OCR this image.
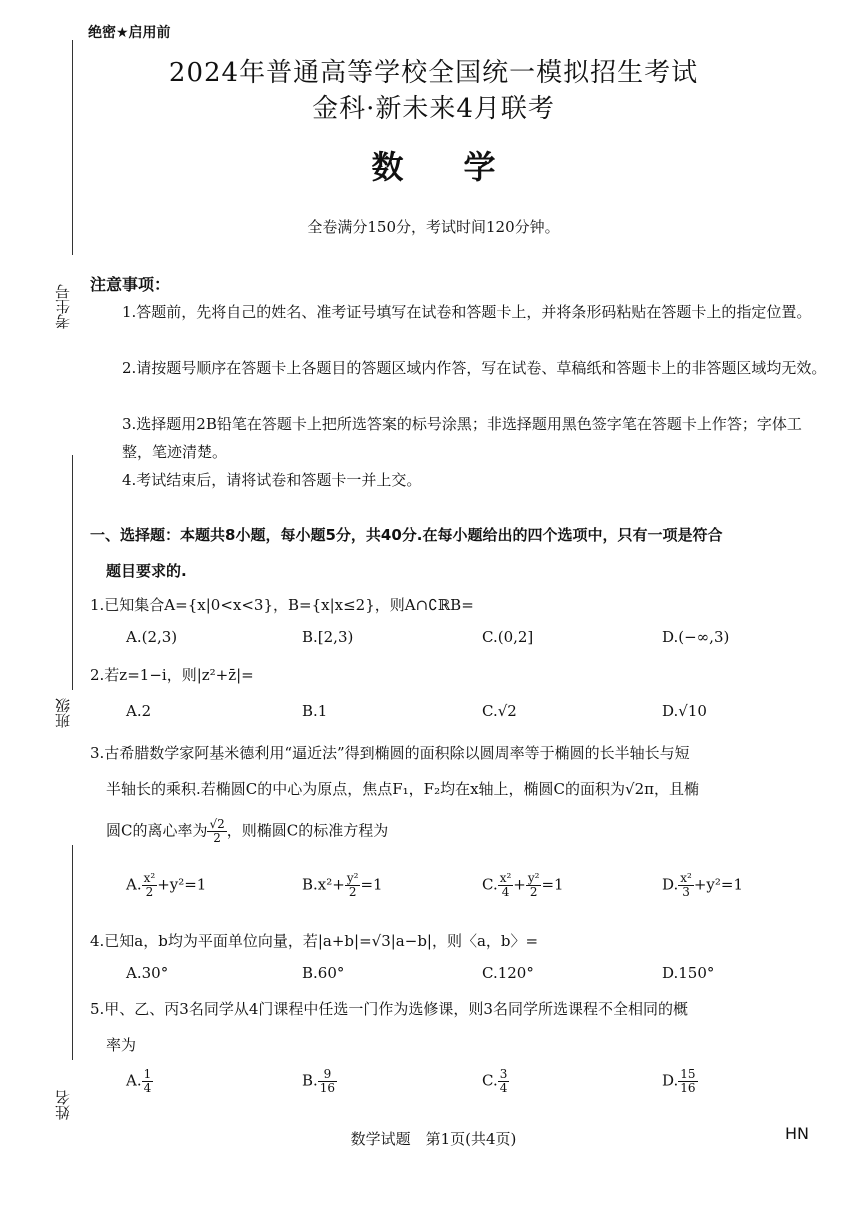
考生号
班级
姓名
绝密★启用前
2024年普通高等学校全国统一模拟招生考试
金科·新未来4月联考
数 学
全卷满分150分，考试时间120分钟。
注意事项：
1.答题前，先将自己的姓名、准考证号填写在试卷和答题卡上，并将条形码粘贴在答题卡上的指定位置。
2.请按题号顺序在答题卡上各题目的答题区域内作答，写在试卷、草稿纸和答题卡上的非答题区域均无效。
3.选择题用2B铅笔在答题卡上把所选答案的标号涂黑；非选择题用黑色签字笔在答题卡上作答；字体工整，笔迹清楚。
4.考试结束后，请将试卷和答题卡一并上交。
一、选择题：本题共8小题，每小题5分，共40分.在每小题给出的四个选项中，只有一项是符合
题目要求的.
1.已知集合A={x|0<x<3}，B={x|x≤2}，则A∩∁ℝB=
A.(2,3)	B.[2,3)	C.(0,2]	D.(−∞,3)
2.若z=1−i，则|z²+z̄|=
A.2	B.1	C.√2	D.√10
3.古希腊数学家阿基米德利用“逼近法”得到椭圆的面积除以圆周率等于椭圆的长半轴长与短
半轴长的乘积.若椭圆C的中心为原点，焦点F₁，F₂均在x轴上，椭圆C的面积为√2π，且椭
圆C的离心率为 $\frac{√2}{2}$ ，则椭圆C的标准方程为
A. $\frac{\text{x²}}{2} +y^2=1$	$B.x^2+ \frac{\text{y²}}{2} =1$	C. $\frac{\text{x²}}{4} + \frac{\text{y²}}{2} =1$	D. $\frac{\text{x²}}{3} +y^2=1$
4.已知a，b均为平面单位向量，若|a+b|=√3|a−b|，则〈a，b〉=
A.30°	B.60°	C.120°	D.150°
5.甲、乙、丙3名同学从4门课程中任选一门作为选修课，则3名同学所选课程不全相同的概
率为
A. $\frac{1}{4}$	B. $\frac{9}{16}$	C. $\frac{3}{4}$	D. $\frac{15}{16}$
数学试题　第1页(共4页)	HN
